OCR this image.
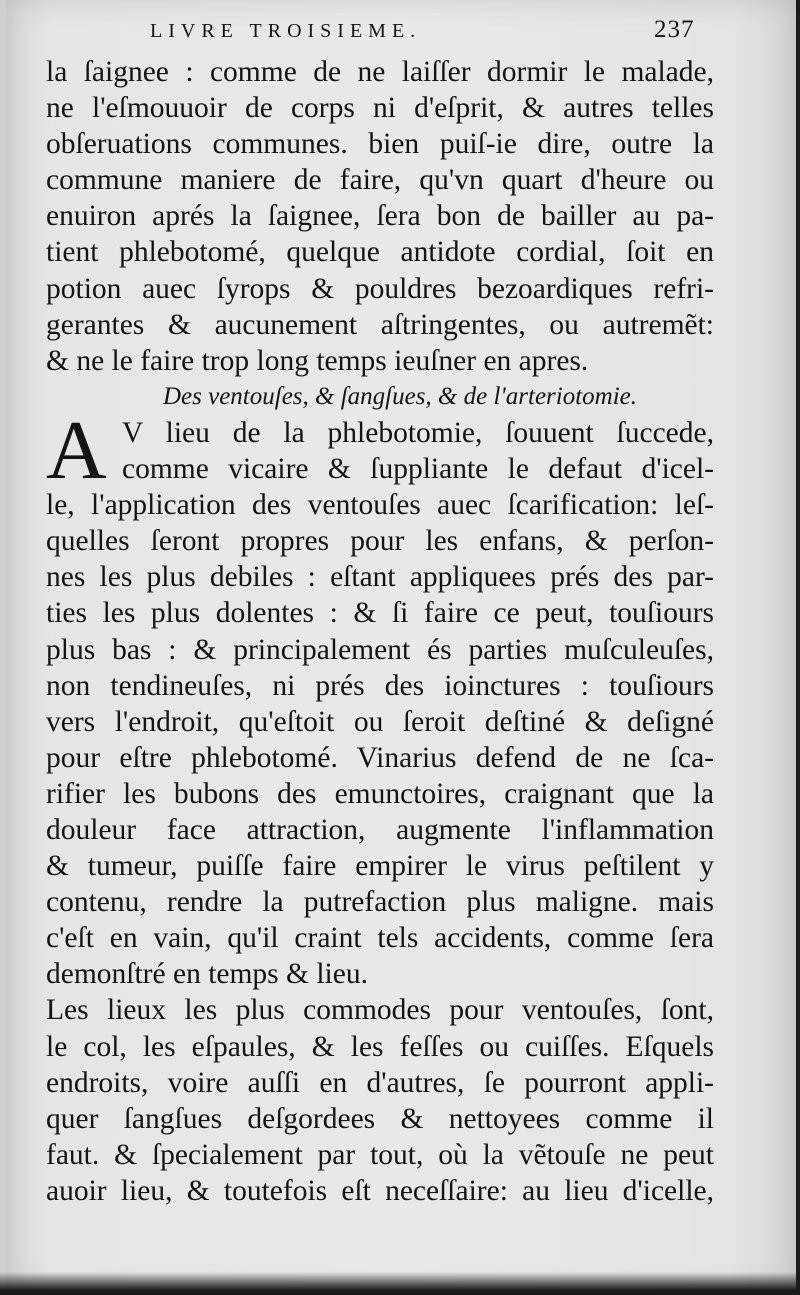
LIVRE TROISIEME.	237
la ſaignee : comme de ne laiſſer dormir le malade,
ne l'eſmouuoir de corps ni d'eſprit, & autres telles
obſeruations communes. bien puiſ-ie dire, outre la
commune maniere de faire, qu'vn quart d'heure ou
enuiron aprés la ſaignee, ſera bon de bailler au pa-
tient phlebotomé, quelque antidote cordial, ſoit en
potion auec ſyrops & pouldres bezoardiques refri-
gerantes & aucunement aſtringentes, ou autremẽt:
& ne le faire trop long temps ieuſner en apres.
Des ventouſes, & ſangſues, & de l'arteriotomie.
V lieu de la phlebotomie, ſouuent ſuccede,
comme vicaire & ſuppliante le defaut d'icel-
le, l'application des ventouſes auec ſcarification: leſ-
quelles ſeront propres pour les enfans, & perſon-
nes les plus debiles : eſtant appliquees prés des par-
ties les plus dolentes : & ſi faire ce peut, touſiours
plus bas : & principalement és parties muſculeuſes,
non tendineuſes, ni prés des ioinctures : touſiours
vers l'endroit, qu'eſtoit ou ſeroit deſtiné & deſigné
pour eſtre phlebotomé. Vinarius defend de ne ſca-
rifier les bubons des emunctoires, craignant que la
douleur face attraction, augmente l'inflammation
& tumeur, puiſſe faire empirer le virus peſtilent y
contenu, rendre la putrefaction plus maligne. mais
c'eſt en vain, qu'il craint tels accidents, comme ſera
demonſtré en temps & lieu.
Les lieux les plus commodes pour ventouſes, ſont,
le col, les eſpaules, & les feſſes ou cuiſſes. Eſquels
endroits, voire auſſi en d'autres, ſe pourront appli-
quer ſangſues deſgordees & nettoyees comme il
faut. & ſpecialement par tout, où la vẽtouſe ne peut
auoir lieu, & toutefois eſt neceſſaire: au lieu d'icelle,
A
